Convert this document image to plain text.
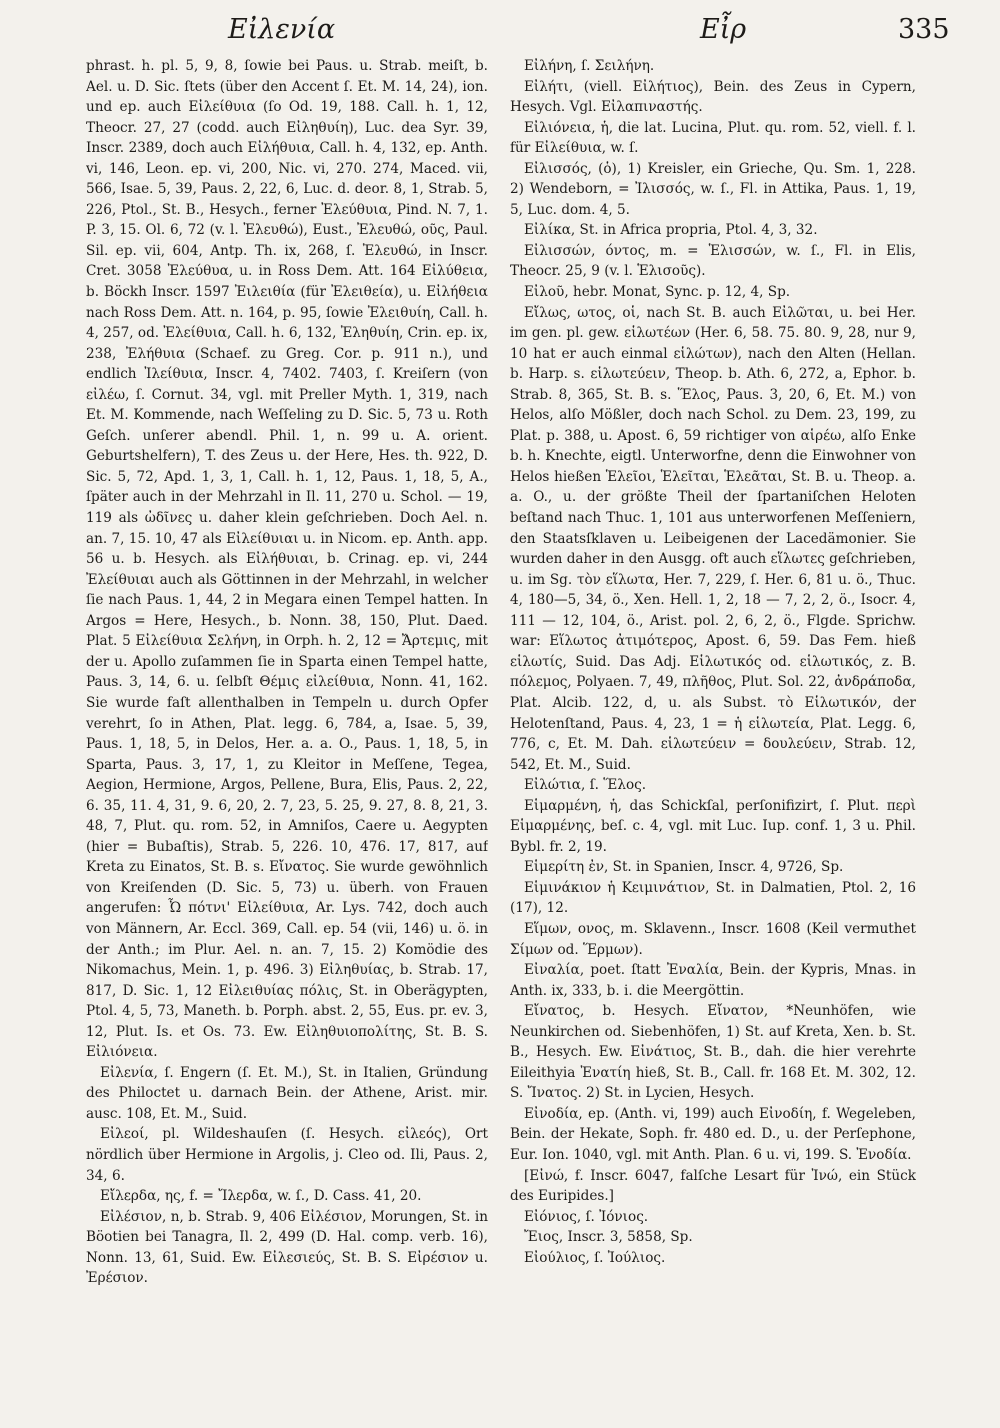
Εἰλενία	Εἶρ	335

phrast. h. pl. 5, 9, 8, ſowie bei Paus. u. Strab. meiſt, b. Ael. u. D. Sic. ſtets (über den Accent ſ. Et. M. 14, 24), ion. und ep. auch Εἰλείθυια (ſo Od. 19, 188. Call. h. 1, 12, Theocr. 27, 27 (codd. auch Εἰληθυίη), Luc. dea Syr. 39, Inscr. 2389, doch auch Εἰλήθυια, Call. h. 4, 132, ep. Anth. vi, 146, Leon. ep. vi, 200, Nic. vi, 270. 274, Maced. vii, 566, Isae. 5, 39, Paus. 2, 22, 6, Luc. d. deor. 8, 1, Strab. 5, 226, Ptol., St. B., Hesych., ferner Ἐλεύθυια, Pind. N. 7, 1. P. 3, 15. Ol. 6, 72 (v. l. Ἐλευθώ), Eust., Ἐλευθώ, οῦς, Paul. Sil. ep. vii, 604, Antp. Th. ix, 268, ſ. Ἐλευθώ, in Inscr. Cret. 3058 Ἐλεύθυα, u. in Ross Dem. Att. 164 Εἰλύθεια, b. Böckh Inscr. 1597 Ἐιλειθία (für Ἐλειθεία), u. Εἰλήθεια nach Ross Dem. Att. n. 164, p. 95, ſowie Ἐλειθυίη, Call. h. 4, 257, od. Ἐλείθυια, Call. h. 6, 132, Ἐληθυίη, Crin. ep. ix, 238, Ἐλήθυια (Schaef. zu Greg. Cor. p. 911 n.), und endlich Ἰλείθυια, Inscr. 4, 7402. 7403, ſ. Kreiſern (von εἰλέω, ſ. Cornut. 34, vgl. mit Preller Myth. 1, 319, nach Et. M. Kommende, nach Weſſeling zu D. Sic. 5, 73 u. Roth Geſch. unſerer abendl. Phil. 1, n. 99 u. A. orient. Geburtshelfern), T. des Zeus u. der Here, Hes. th. 922, D. Sic. 5, 72, Apd. 1, 3, 1, Call. h. 1, 12, Paus. 1, 18, 5, A., ſpäter auch in der Mehrzahl in Il. 11, 270 u. Schol. — 19, 119 als ὠδῖνες u. daher klein geſchrieben. Doch Ael. n. an. 7, 15. 10, 47 als Εἰλείθυιαι u. in Nicom. ep. Anth. app. 56 u. b. Hesych. als Εἰλήθυιαι, b. Crinag. ep. vi, 244 Ἐλείθυιαι auch als Göttinnen in der Mehrzahl, in welcher ſie nach Paus. 1, 44, 2 in Megara einen Tempel hatten. In Argos = Here, Hesych., b. Nonn. 38, 150, Plut. Daed. Plat. 5 Εἰλείθυια Σελήνη, in Orph. h. 2, 12 = Ἄρτεμις, mit der u. Apollo zuſammen ſie in Sparta einen Tempel hatte, Paus. 3, 14, 6. u. ſelbſt Θέμις εἰλείθυια, Nonn. 41, 162. Sie wurde faſt allenthalben in Tempeln u. durch Opfer verehrt, ſo in Athen, Plat. legg. 6, 784, a, Isae. 5, 39, Paus. 1, 18, 5, in Delos, Her. a. a. O., Paus. 1, 18, 5, in Sparta, Paus. 3, 17, 1, zu Kleitor in Meſſene, Tegea, Aegion, Hermione, Argos, Pellene, Bura, Elis, Paus. 2, 22, 6. 35, 11. 4, 31, 9. 6, 20, 2. 7, 23, 5. 25, 9. 27, 8. 8, 21, 3. 48, 7, Plut. qu. rom. 52, in Amniſos, Caere u. Aegypten (hier = Bubaſtis), Strab. 5, 226. 10, 476. 17, 817, auf Kreta zu Einatos, St. B. s. Εἴνατος. Sie wurde gewöhnlich von Kreiſenden (D. Sic. 5, 73) u. überh. von Frauen angerufen: Ὦ πότνι' Εἰλείθυια, Ar. Lys. 742, doch auch von Männern, Ar. Eccl. 369, Call. ep. 54 (vii, 146) u. ö. in der Anth.; im Plur. Ael. n. an. 7, 15. 2) Komödie des Nikomachus, Mein. 1, p. 496. 3) Εἰληθυίας, b. Strab. 17, 817, D. Sic. 1, 12 Εἰλειθυίας πόλις, St. in Oberägypten, Ptol. 4, 5, 73, Maneth. b. Porph. abst. 2, 55, Eus. pr. ev. 3, 12, Plut. Is. et Os. 73. Ew. Εἰληθυιοπολίτης, St. B. S. Εἰλιόνεια.

Εἰλενία, ſ. Engern (ſ. Et. M.), St. in Italien, Gründung des Philoctet u. darnach Bein. der Athene, Arist. mir. ausc. 108, Et. M., Suid.

Εἰλεοί, pl. Wildeshauſen (ſ. Hesych. εἰλεός), Ort nördlich über Hermione in Argolis, j. Cleo od. Ili, Paus. 2, 34, 6.

Εἴλερδα, ης, f. = Ἴλερδα, w. ſ., D. Cass. 41, 20.

Εἰλέσιον, n, b. Strab. 9, 406 Εἰλέσιον, Morungen, St. in Böotien bei Tanagra, Il. 2, 499 (D. Hal. comp. verb. 16), Nonn. 13, 61, Suid. Ew. Εἰλεσιεύς, St. B. S. Εἰρέσιον u. Ἐρέσιον.

Εἰλήνη, ſ. Σειλήνη.

Εἰλήτι, (viell. Εἰλήτιος), Bein. des Zeus in Cypern, Hesych. Vgl. Εἰλαπιναστής.

Εἰλιόνεια, ἡ, die lat. Lucina, Plut. qu. rom. 52, viell. f. l. für Εἰλείθυια, w. ſ.

Εἰλισσός, (ὁ), 1) Kreisler, ein Grieche, Qu. Sm. 1, 228. 2) Wendeborn, = Ἰλισσός, w. ſ., Fl. in Attika, Paus. 1, 19, 5, Luc. dom. 4, 5.

Εἰλίκα, St. in Africa propria, Ptol. 4, 3, 32.

Εἰλισσών, όντος, m. = Ἑλισσών, w. ſ., Fl. in Elis, Theocr. 25, 9 (v. l. Ἑλισοῦς).

Εἰλοῦ, hebr. Monat, Sync. p. 12, 4, Sp.

Εἴλως, ωτος, οἱ, nach St. B. auch Εἰλῶται, u. bei Her. im gen. pl. gew. εἱλωτέων (Her. 6, 58. 75. 80. 9, 28, nur 9, 10 hat er auch einmal εἱλώτων), nach den Alten (Hellan. b. Harp. s. εἱλωτεύειν, Theop. b. Ath. 6, 272, a, Ephor. b. Strab. 8, 365, St. B. s. Ἕλος, Paus. 3, 20, 6, Et. M.) von Helos, alſo Mößler, doch nach Schol. zu Dem. 23, 199, zu Plat. p. 388, u. Apost. 6, 59 richtiger von αἱρέω, alſo Enke b. h. Knechte, eigtl. Unterworfne, denn die Einwohner von Helos hießen Ἑλεῖοι, Ἑλεῖται, Ἑλεᾶται, St. B. u. Theop. a. a. O., u. der größte Theil der ſpartaniſchen Heloten beſtand nach Thuc. 1, 101 aus unterworfenen Meſſeniern, den Staatsſklaven u. Leibeigenen der Lacedämonier. Sie wurden daher in den Ausgg. oft auch εἵλωτες geſchrieben, u. im Sg. τὸν εἵλωτα, Her. 7, 229, ſ. Her. 6, 81 u. ö., Thuc. 4, 180—5, 34, ö., Xen. Hell. 1, 2, 18 — 7, 2, 2, ö., Isocr. 4, 111 — 12, 104, ö., Arist. pol. 2, 6, 2, ö., Flgde. Sprichw. war: Εἵλωτος ἀτιμότερος, Apost. 6, 59. Das Fem. hieß εἱλωτίς, Suid. Das Adj. Εἱλωτικός od. εἱλωτικός, z. B. πόλεμος, Polyaen. 7, 49, πλῆθος, Plut. Sol. 22, ἀνδράποδα, Plat. Alcib. 122, d, u. als Subst. τὸ Εἱλωτικόν, der Helotenſtand, Paus. 4, 23, 1 = ἡ εἱλωτεία, Plat. Legg. 6, 776, c, Et. M. Dah. εἱλωτεύειν = δουλεύειν, Strab. 12, 542, Et. M., Suid.

Εἰλώτια, ſ. Ἕλος.

Εἱμαρμένη, ἡ, das Schickſal, perſonifizirt, ſ. Plut. περὶ Εἱμαρμένης, beſ. c. 4, vgl. mit Luc. Iup. conf. 1, 3 u. Phil. Bybl. fr. 2, 19.

Εἱμερίτη ἐν, St. in Spanien, Inscr. 4, 9726, Sp.

Εἱμινάκιον ἡ Κειμινάτιον, St. in Dalmatien, Ptol. 2, 16 (17), 12.

Εἵμων, ονος, m. Sklavenn., Inscr. 1608 (Keil vermuthet Σίμων od. Ἕρμων).

Εἰναλία, poet. ſtatt Ἐναλία, Bein. der Kypris, Mnas. in Anth. ix, 333, b. i. die Meergöttin.

Εἴνατος, b. Hesych. Εἴνατον, *Neunhöfen, wie Neunkirchen od. Siebenhöfen, 1) St. auf Kreta, Xen. b. St. B., Hesych. Ew. Εἰνάτιος, St. B., dah. die hier verehrte Eileithyia Ἐνατίη hieß, St. B., Call. fr. 168 Et. M. 302, 12. S. Ἴνατος. 2) St. in Lycien, Hesych.

Εἰνοδία, ep. (Anth. vi, 199) auch Εἰνοδίη, f. Wegeleben, Bein. der Hekate, Soph. fr. 480 ed. D., u. der Perſephone, Eur. Ion. 1040, vgl. mit Anth. Plan. 6 u. vi, 199. S. Ἐνοδία.

[Εἰνώ, f. Inscr. 6047, falſche Lesart für Ἰνώ, ein Stück des Euripides.]

Εἰόνιος, ſ. Ἰόνιος.

Ἔιος, Inscr. 3, 5858, Sp.

Εἰούλιος, ſ. Ἰούλιος.
